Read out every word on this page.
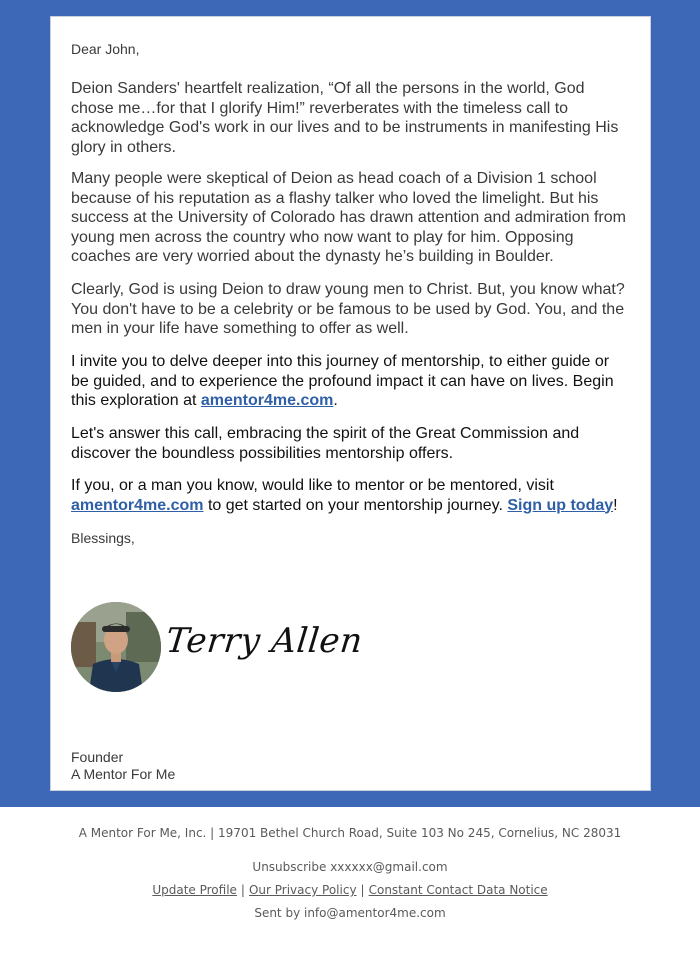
Dear John,
Deion Sanders' heartfelt realization, “Of all the persons in the world, God chose me…for that I glorify Him!” reverberates with the timeless call to acknowledge God's work in our lives and to be instruments in manifesting His glory in others.
Many people were skeptical of Deion as head coach of a Division 1 school because of his reputation as a flashy talker who loved the limelight. But his success at the University of Colorado has drawn attention and admiration from young men across the country who now want to play for him. Opposing coaches are very worried about the dynasty he’s building in Boulder.
Clearly, God is using Deion to draw young men to Christ. But, you know what? You don't have to be a celebrity or be famous to be used by God. You, and the men in your life have something to offer as well.
I invite you to delve deeper into this journey of mentorship, to either guide or be guided, and to experience the profound impact it can have on lives. Begin this exploration at amentor4me.com.
Let's answer this call, embracing the spirit of the Great Commission and discover the boundless possibilities mentorship offers.
If you, or a man you know, would like to mentor or be mentored, visit amentor4me.com to get started on your mentorship journey. Sign up today!
Blessings,
Terry Allen
Founder
A Mentor For Me
A Mentor For Me, Inc. | 19701 Bethel Church Road, Suite 103 No 245, Cornelius, NC 28031
Unsubscribe xxxxxx@gmail.com
Update Profile | Our Privacy Policy | Constant Contact Data Notice
Sent by info@amentor4me.com
